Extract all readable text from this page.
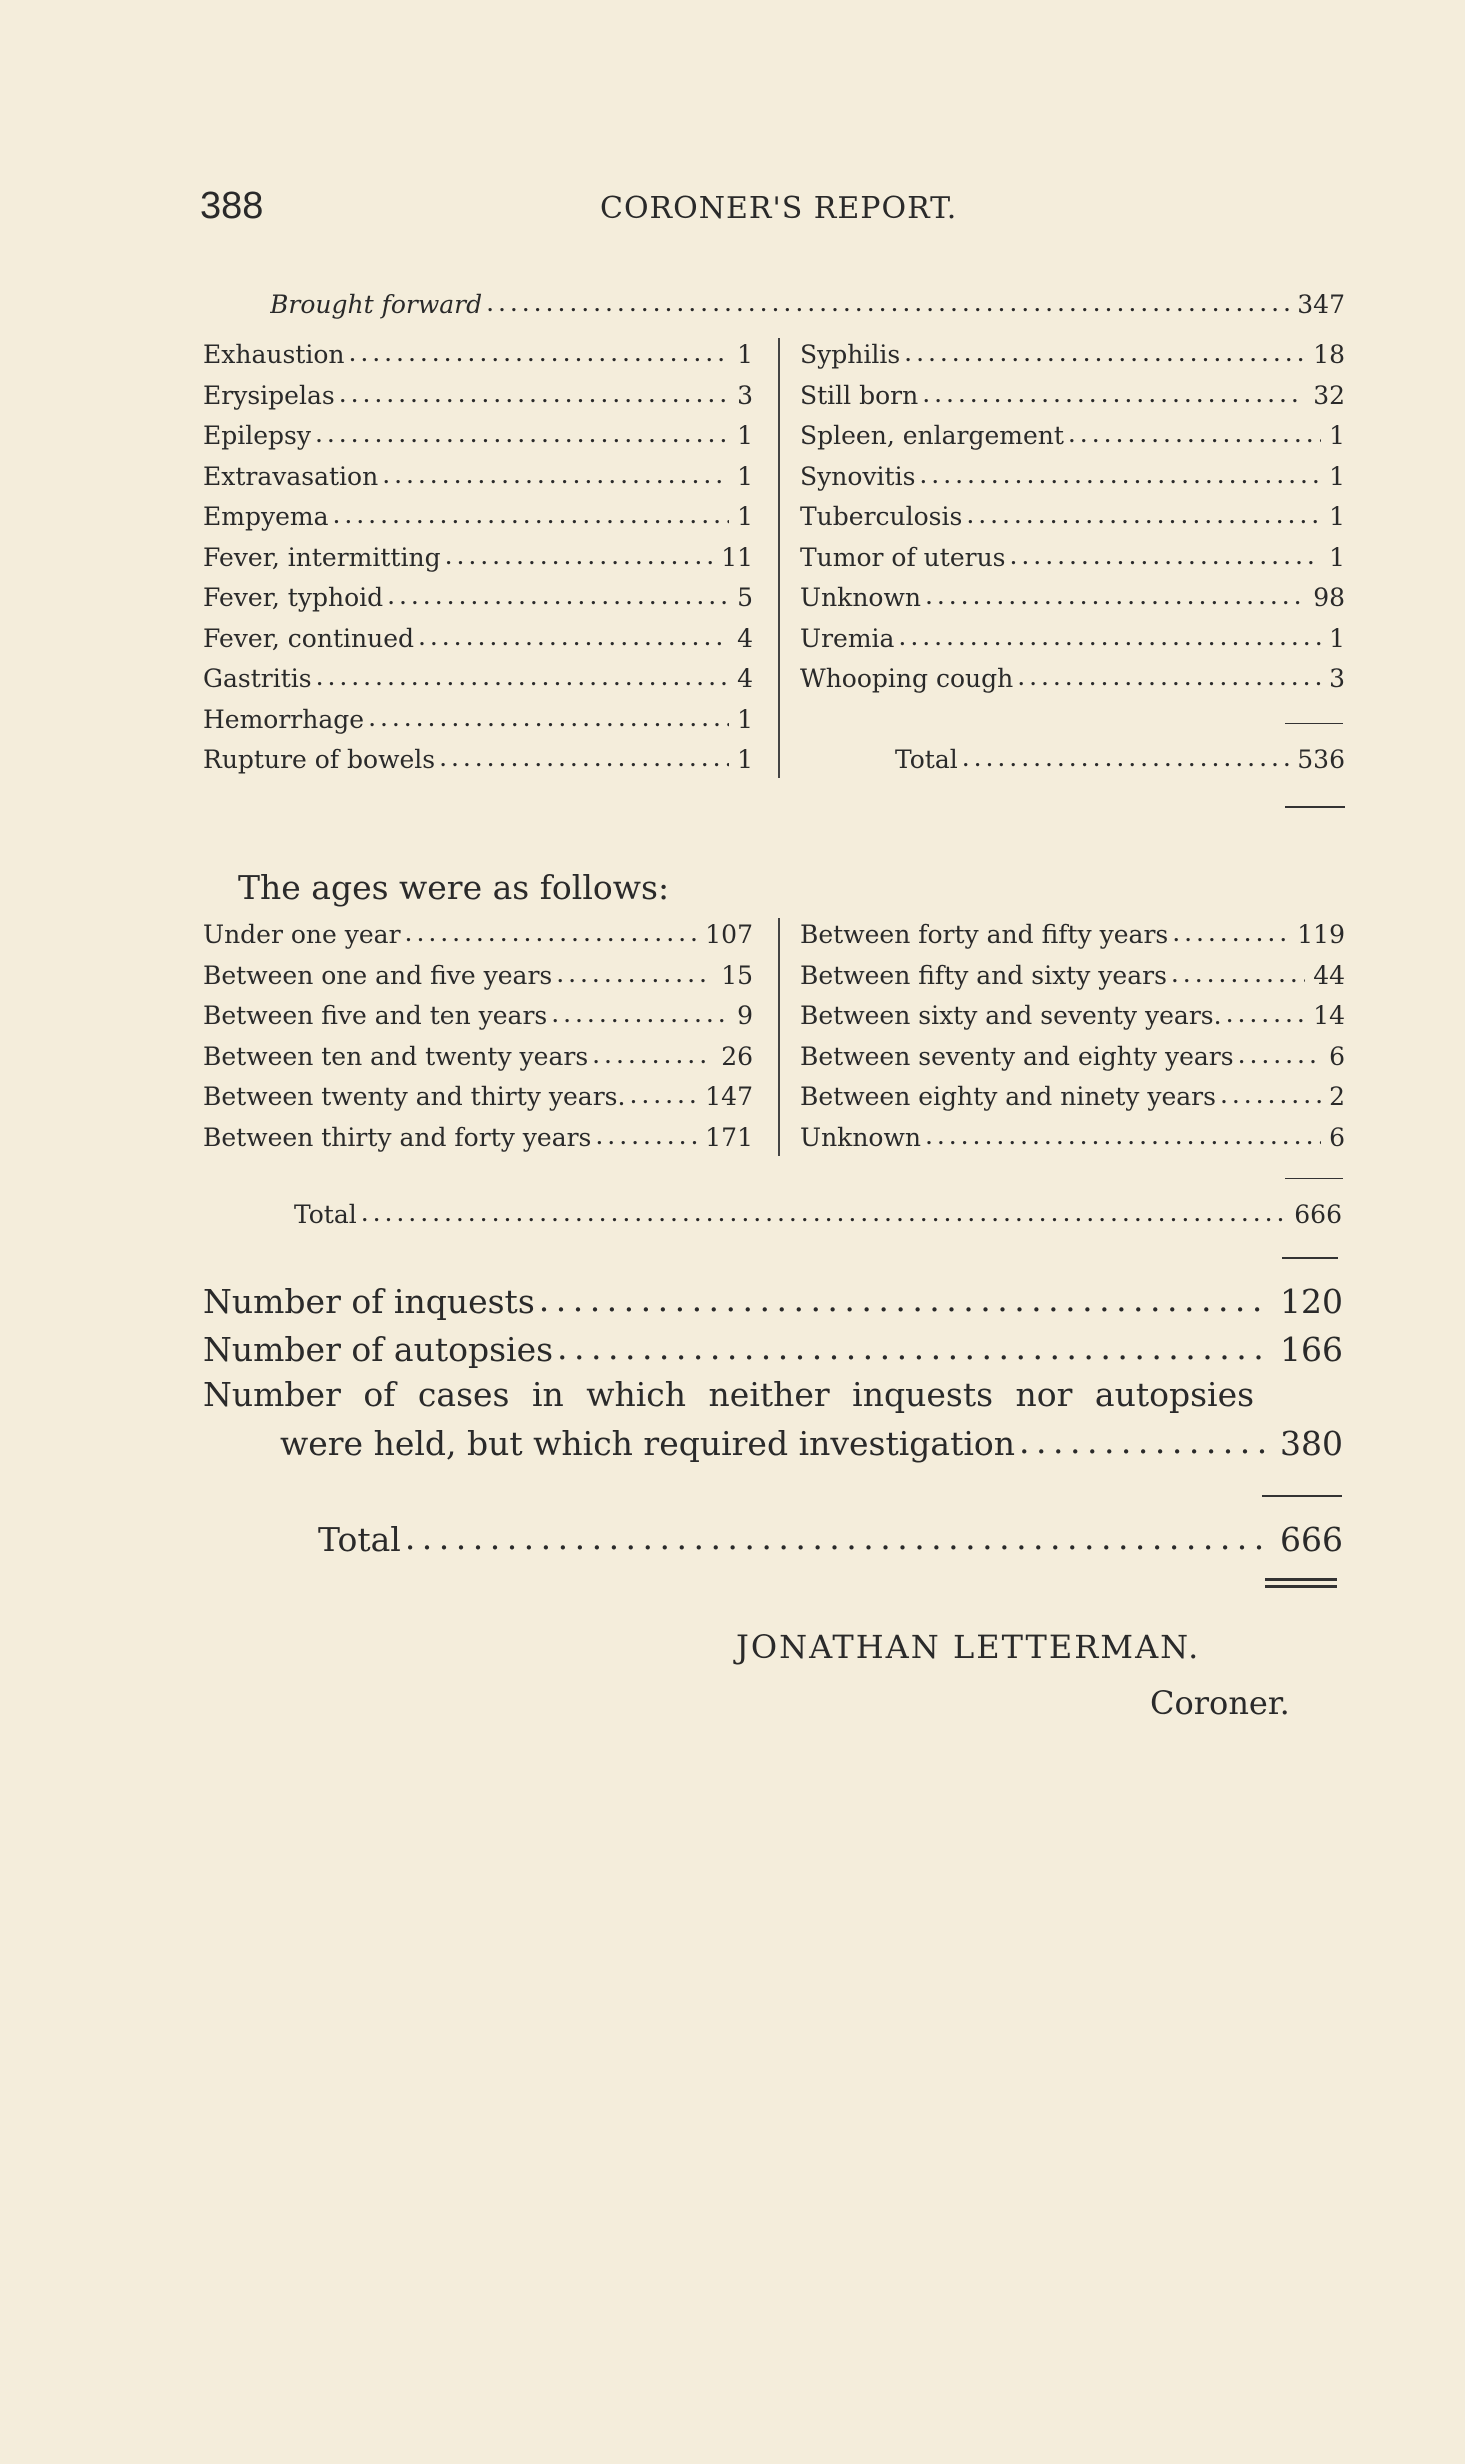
388	CORONER'S REPORT.
Brought forward . . .	347
Exhaustion . . .	1
Erysipelas . . .	3
Epilepsy . . .	1
Extravasation . . .	1
Empyema . . .	1
Fever, intermitting . . .	11
Fever, typhoid . . .	5
Fever, continued . . .	4
Gastritis . . .	4
Hemorrhage . . .	1
Rupture of bowels . . .	1
Syphilis . . .	18
Still born . . .	32
Spleen, enlargement . . .	1
Synovitis . . .	1
Tuberculosis . . .	1
Tumor of uterus . . .	1
Unknown . . .	98
Uremia . . .	1
Whooping cough . . .	3
Total . . .	536
The ages were as follows:
Under one year . . .	107
Between one and five years . . .	15
Between five and ten years . . .	9
Between ten and twenty years . . .	26
Between twenty and thirty years. . . .	147
Between thirty and forty years . . .	171
Between forty and fifty years . . .	119
Between fifty and sixty years . . .	44
Between sixty and seventy years. . . .	14
Between seventy and eighty years . . .	6
Between eighty and ninety years . . .	2
Unknown . . .	6
Total . . .	666
Number of inquests . . .	120
Number of autopsies . . .	166
Number of cases in which neither inquests nor autopsies
were held, but which required investigation . . .	380
Total . . .	666
JONATHAN LETTERMAN.
Coroner.
